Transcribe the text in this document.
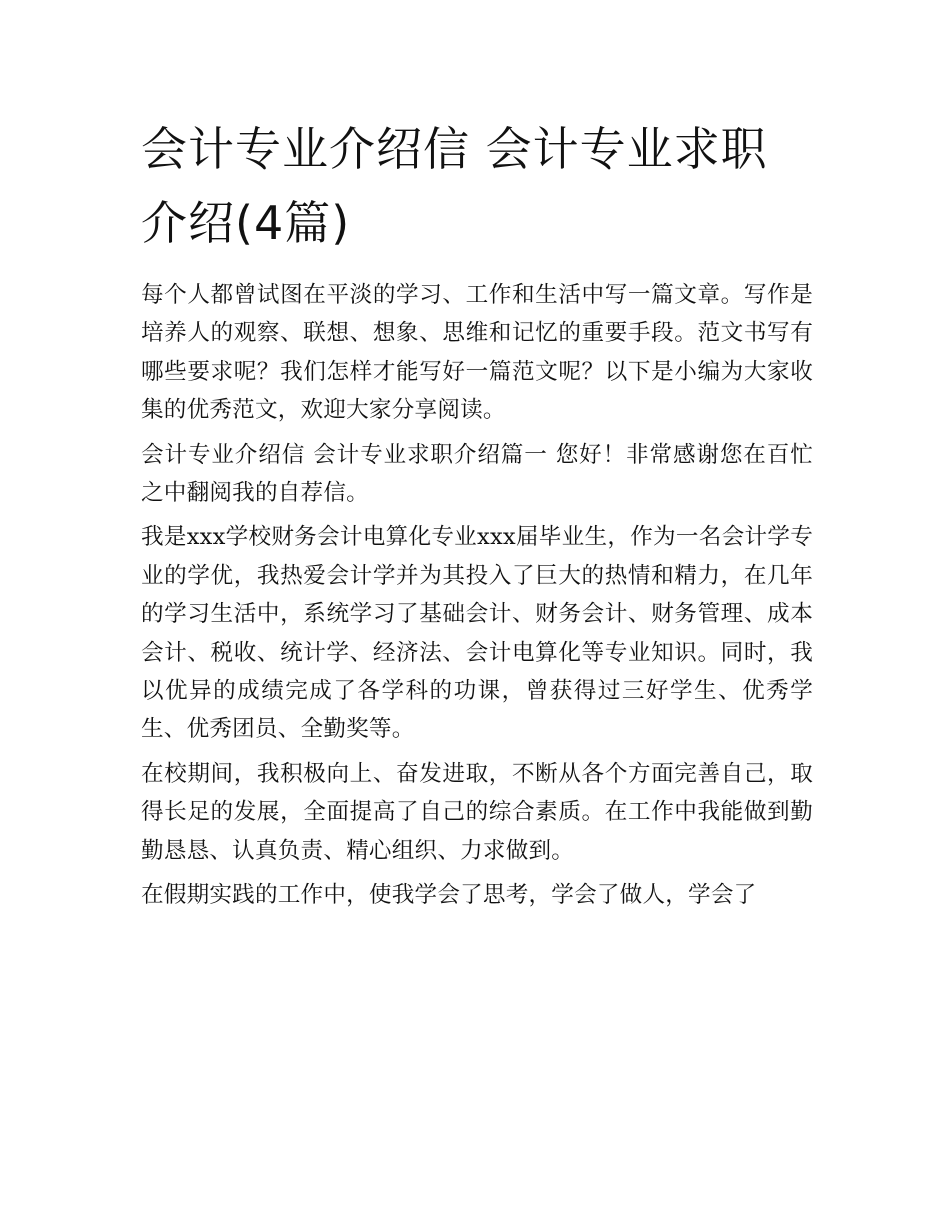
会计专业介绍信 会计专业求职介绍(4篇)

每个人都曾试图在平淡的学习、工作和生活中写一篇文章。写作是培养人的观察、联想、想象、思维和记忆的重要手段。范文书写有哪些要求呢？我们怎样才能写好一篇范文呢？以下是小编为大家收集的优秀范文，欢迎大家分享阅读。

会计专业介绍信 会计专业求职介绍篇一 您好！非常感谢您在百忙之中翻阅我的自荐信。

我是xxx学校财务会计电算化专业xxx届毕业生，作为一名会计学专业的学优，我热爱会计学并为其投入了巨大的热情和精力，在几年的学习生活中，系统学习了基础会计、财务会计、财务管理、成本会计、税收、统计学、经济法、会计电算化等专业知识。同时，我以优异的成绩完成了各学科的功课，曾获得过三好学生、优秀学生、优秀团员、全勤奖等。

在校期间，我积极向上、奋发进取，不断从各个方面完善自己，取得长足的发展，全面提高了自己的综合素质。在工作中我能做到勤勤恳恳、认真负责、精心组织、力求做到。

在假期实践的工作中，使我学会了思考，学会了做人，学会了
